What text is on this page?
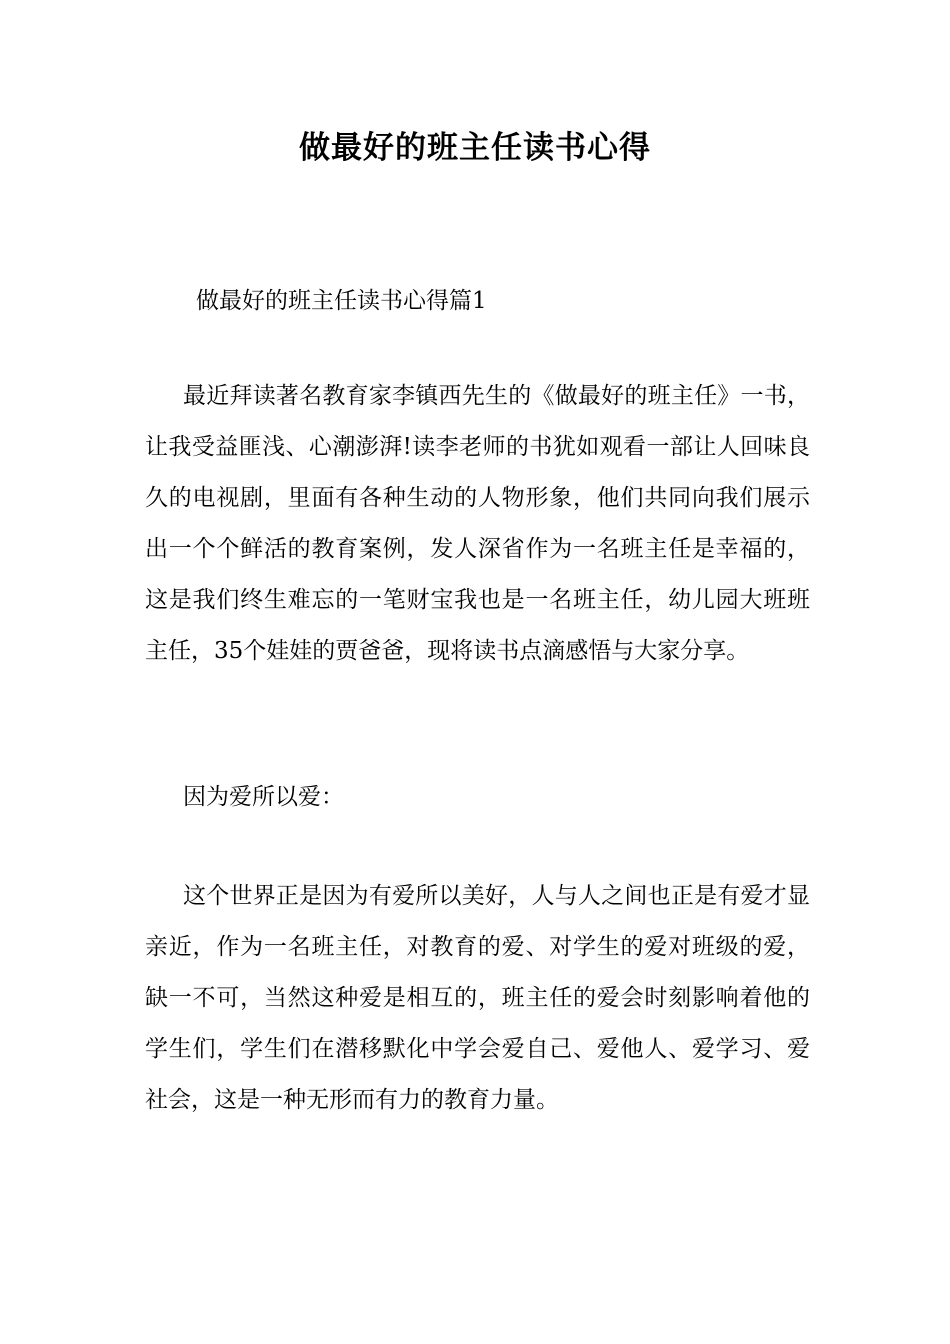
做最好的班主任读书心得

做最好的班主任读书心得篇1

最近拜读著名教育家李镇西先生的《做最好的班主任》一书，让我受益匪浅、心潮澎湃!读李老师的书犹如观看一部让人回味良久的电视剧，里面有各种生动的人物形象，他们共同向我们展示出一个个鲜活的教育案例，发人深省作为一名班主任是幸福的，这是我们终生难忘的一笔财宝我也是一名班主任，幼儿园大班班主任，35个娃娃的贾爸爸，现将读书点滴感悟与大家分享。

因为爱所以爱：

这个世界正是因为有爱所以美好，人与人之间也正是有爱才显亲近，作为一名班主任，对教育的爱、对学生的爱对班级的爱，缺一不可，当然这种爱是相互的，班主任的爱会时刻影响着他的学生们，学生们在潜移默化中学会爱自己、爱他人、爱学习、爱社会，这是一种无形而有力的教育力量。
